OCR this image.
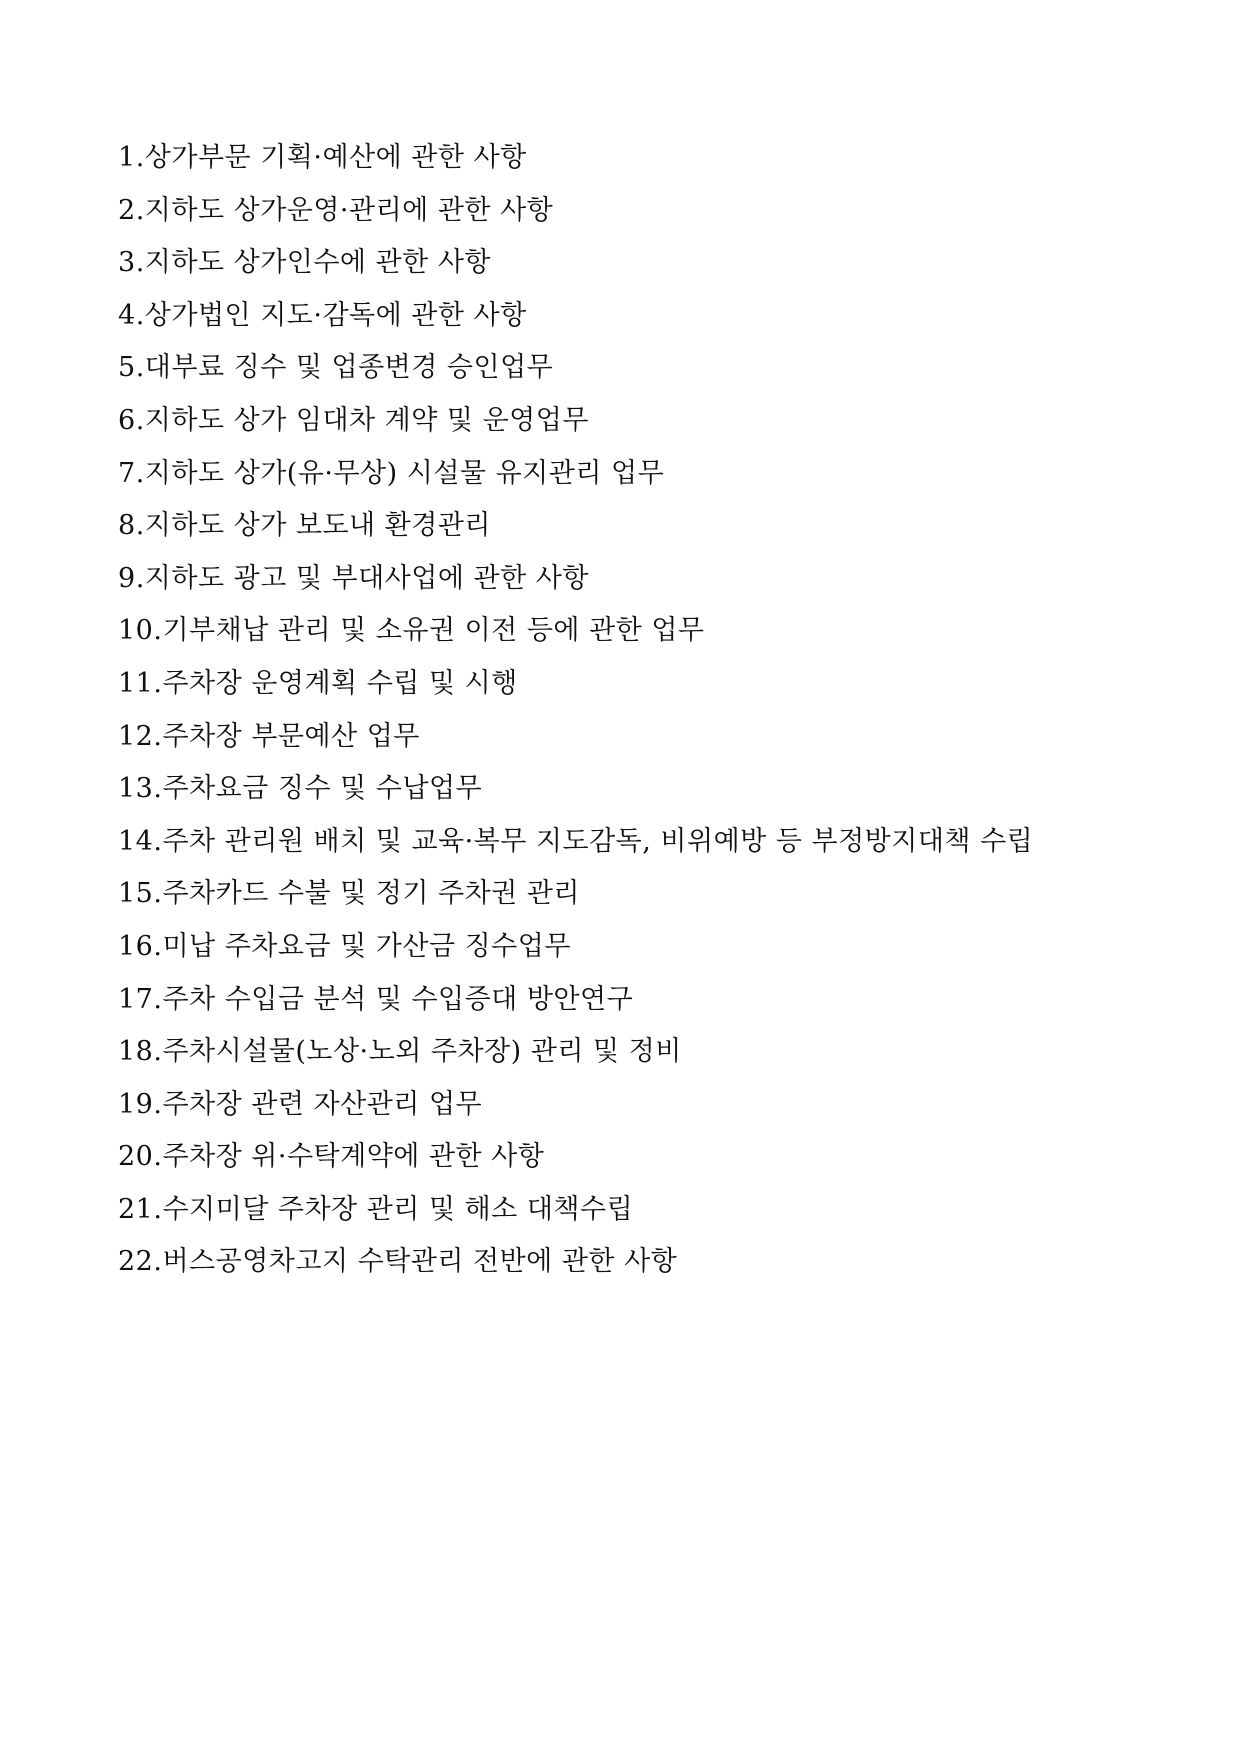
1 . 상가부문 기획·예산에 관한 사항
2 . 지하도 상가운영·관리에 관한 사항
3 . 지하도 상가인수에 관한 사항
4 . 상가법인 지도·감독에 관한 사항
5 . 대부료 징수 및 업종변경 승인업무
6 . 지하도 상가 임대차 계약 및 운영업무
7 . 지하도 상가(유·무상) 시설물 유지관리 업무
8 . 지하도 상가 보도내 환경관리
9 . 지하도 광고 및 부대사업에 관한 사항
10 . 기부채납 관리 및 소유권 이전 등에 관한 업무
11 . 주차장 운영계획 수립 및 시행
12 . 주차장 부문예산 업무
13 . 주차요금 징수 및 수납업무
14 . 주차 관리원 배치 및 교육·복무 지도감독, 비위예방 등 부정방지대책 수립
15 . 주차카드 수불 및 정기 주차권 관리
16 . 미납 주차요금 및 가산금 징수업무
17 . 주차 수입금 분석 및 수입증대 방안연구
18 . 주차시설물(노상·노외 주차장) 관리 및 정비
19 . 주차장 관련 자산관리 업무
20 . 주차장 위·수탁계약에 관한 사항
21 . 수지미달 주차장 관리 및 해소 대책수립
22 . 버스공영차고지 수탁관리 전반에 관한 사항
